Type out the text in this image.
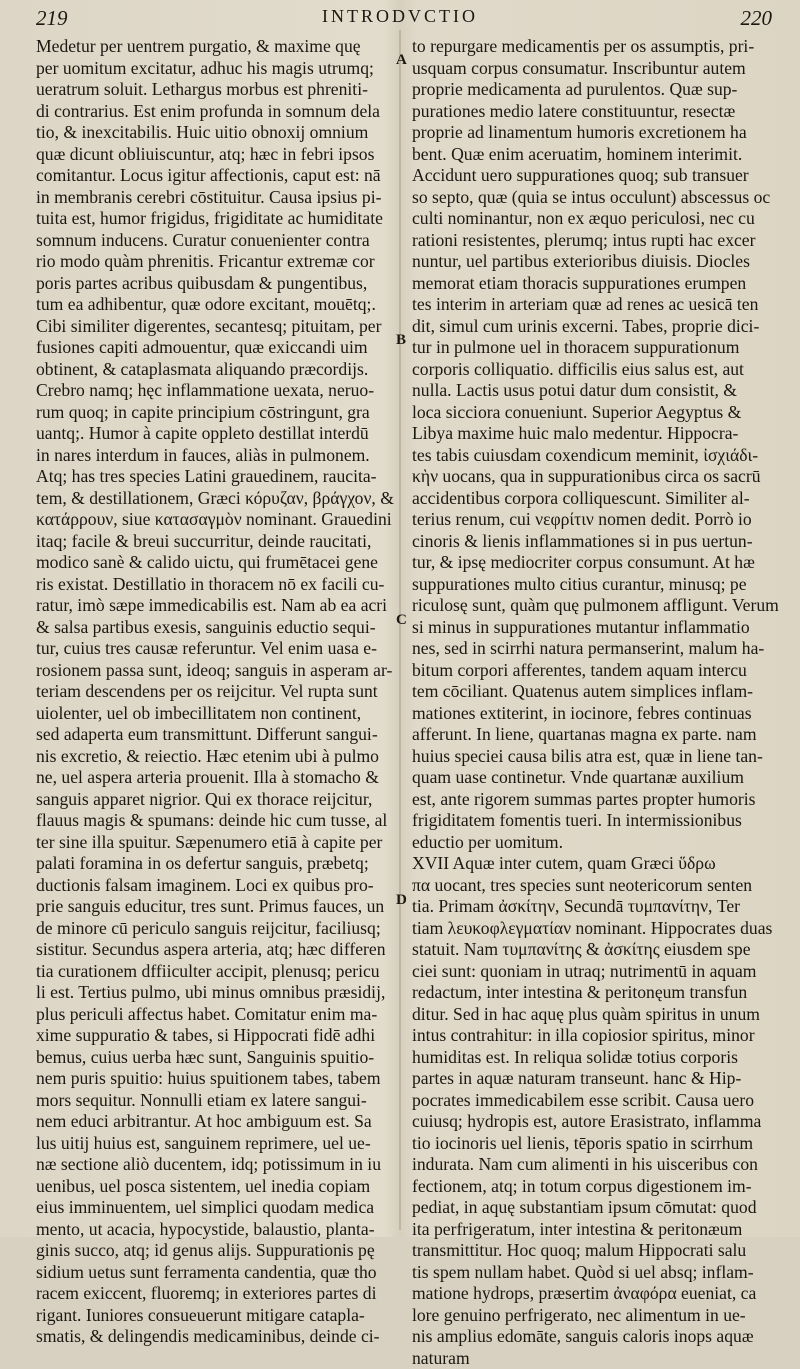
219	INTRODVCTIO	220
A
B
C
D
Medetur per uentrem purgatio, & maxime quę
per uomitum excitatur, adhuc his magis utrumq;
ueratrum soluit. Lethargus morbus est phreniti-
di contrarius. Est enim profunda in somnum dela
tio, & inexcitabilis. Huic uitio obnoxij omnium
quæ dicunt obliuiscuntur, atq; hæc in febri ipsos
comitantur. Locus igitur affectionis, caput est: nā
in membranis cerebri cōstituitur. Causa ipsius pi-
tuita est, humor frigidus, frigiditate ac humiditate
somnum inducens. Curatur conuenienter contra
rio modo quàm phrenitis. Fricantur extremæ cor
poris partes acribus quibusdam & pungentibus,
tum ea adhibentur, quæ odore excitant, mouētq;.
Cibi similiter digerentes, secantesq; pituitam, per
fusiones capiti admouentur, quæ exiccandi uim
obtinent, & cataplasmata aliquando præcordijs.
Crebro namq; hęc inflammatione uexata, neruo-
rum quoq; in capite principium cōstringunt, gra
uantq;. Humor à capite oppleto destillat interdū
in nares interdum in fauces, aliàs in pulmonem.
Atq; has tres species Latini grauedinem, raucita-
tem, & destillationem, Græci κόρυζαν, βράγχον, &
κατάρρουν, siue κατασαγμὸν nominant. Grauedini
itaq; facile & breui succurritur, deinde raucitati,
modico sanè & calido uictu, qui frumētacei gene
ris existat. Destillatio in thoracem nō ex facili cu-
ratur, imò sæpe immedicabilis est. Nam ab ea acri
& salsa partibus exesis, sanguinis eductio sequi-
tur, cuius tres causæ referuntur. Vel enim uasa e-
rosionem passa sunt, ideoq; sanguis in asperam ar-
teriam descendens per os reijcitur. Vel rupta sunt
uiolenter, uel ob imbecillitatem non continent,
sed adaperta eum transmittunt. Differunt sangui-
nis excretio, & reiectio. Hæc etenim ubi à pulmo
ne, uel aspera arteria prouenit. Illa à stomacho &
sanguis apparet nigrior. Qui ex thorace reijcitur,
flauus magis & spumans: deinde hic cum tusse, al
ter sine illa spuitur. Sæpenumero etiā à capite per
palati foramina in os defertur sanguis, præbetq;
ductionis falsam imaginem. Loci ex quibus pro-
prie sanguis educitur, tres sunt. Primus fauces, un
de minore cū periculo sanguis reijcitur, faciliusq;
sistitur. Secundus aspera arteria, atq; hæc differen
tia curationem dffiiculter accipit, plenusq; pericu
li est. Tertius pulmo, ubi minus omnibus præsidij,
plus periculi affectus habet. Comitatur enim ma-
xime suppuratio & tabes, si Hippocrati fidē adhi
bemus, cuius uerba hæc sunt, Sanguinis spuitio-
nem puris spuitio: huius spuitionem tabes, tabem
mors sequitur. Nonnulli etiam ex latere sangui-
nem educi arbitrantur. At hoc ambiguum est. Sa
lus uitij huius est, sanguinem reprimere, uel ue-
næ sectione aliò ducentem, idq; potissimum in iu
uenibus, uel posca sistentem, uel inedia copiam
eius imminuentem, uel simplici quodam medica
mento, ut acacia, hypocystide, balaustio, planta-
ginis succo, atq; id genus alijs. Suppurationis pę
sidium uetus sunt ferramenta candentia, quæ tho
racem exiccent, fluoremq; in exteriores partes di
rigant. Iuniores consueuerunt mitigare catapla-
smatis, & delingendis medicaminibus, deinde ci-
to repurgare medicamentis per os assumptis, pri-
usquam corpus consumatur. Inscribuntur autem
proprie medicamenta ad purulentos. Quæ sup-
purationes medio latere constituuntur, resectæ
proprie ad linamentum humoris excretionem ha
bent. Quæ enim aceruatim, hominem interimit.
Accidunt uero suppurationes quoq; sub transuer
so septo, quæ (quia se intus occulunt) abscessus oc
culti nominantur, non ex æquo periculosi, nec cu
rationi resistentes, plerumq; intus rupti hac excer
nuntur, uel partibus exterioribus diuisis. Diocles
memorat etiam thoracis suppurationes erumpen
tes interim in arteriam quæ ad renes ac uesicā ten
dit, simul cum urinis excerni. Tabes, proprie dici-
tur in pulmone uel in thoracem suppurationum
corporis colliquatio. difficilis eius salus est, aut
nulla. Lactis usus potui datur dum consistit, &
loca sicciora conueniunt. Superior Aegyptus &
Libya maxime huic malo medentur. Hippocra-
tes tabis cuiusdam coxendicum meminit, ἰσχιάδι-
κὴν uocans, qua in suppurationibus circa os sacrū
accidentibus corpora colliquescunt. Similiter al-
terius renum, cui νεφρίτιν nomen dedit. Porrò io
cinoris & lienis inflammationes si in pus uertun-
tur, & ipsę mediocriter corpus consumunt. At hæ
suppurationes multo citius curantur, minusq; pe
riculosę sunt, quàm quę pulmonem affligunt. Verum
si minus in suppurationes mutantur inflammatio
nes, sed in scirrhi natura permanserint, malum ha-
bitum corpori afferentes, tandem aquam intercu
tem cōciliant. Quatenus autem simplices inflam-
mationes extiterint, in iocinore, febres continuas
afferunt. In liene, quartanas magna ex parte. nam
huius speciei causa bilis atra est, quæ in liene tan-
quam uase continetur. Vnde quartanæ auxilium
est, ante rigorem summas partes propter humoris
frigiditatem fomentis tueri. In intermissionibus
eductio per uomitum.
XVII Aquæ inter cutem, quam Græci ὕδρω
πα uocant, tres species sunt neotericorum senten
tia. Primam ἀσκίτην, Secundā τυμπανίτην, Ter
tiam λευκοφλεγματίαν nominant. Hippocrates duas
statuit. Nam τυμπανίτης & ἀσκίτης eiusdem spe
ciei sunt: quoniam in utraq; nutrimentū in aquam
redactum, inter intestina & peritonęum transfun
ditur. Sed in hac aquę plus quàm spiritus in unum
intus contrahitur: in illa copiosior spiritus, minor
humiditas est. In reliqua solidæ totius corporis
partes in aquæ naturam transeunt. hanc & Hip-
pocrates immedicabilem esse scribit. Causa uero
cuiusq; hydropis est, autore Erasistrato, inflamma
tio iocinoris uel lienis, tēporis spatio in scirrhum
indurata. Nam cum alimenti in his uisceribus con
fectionem, atq; in totum corpus digestionem im-
pediat, in aquę substantiam ipsum cōmutat: quod
ita perfrigeratum, inter intestina & peritonæum
transmittitur. Hoc quoq; malum Hippocrati salu
tis spem nullam habet. Quòd si uel absq; inflam-
matione hydrops, præsertim ἀναφόρα eueniat, ca
lore genuino perfrigerato, nec alimentum in ue-
nis amplius edomāte, sanguis caloris inops aquæ
naturam
